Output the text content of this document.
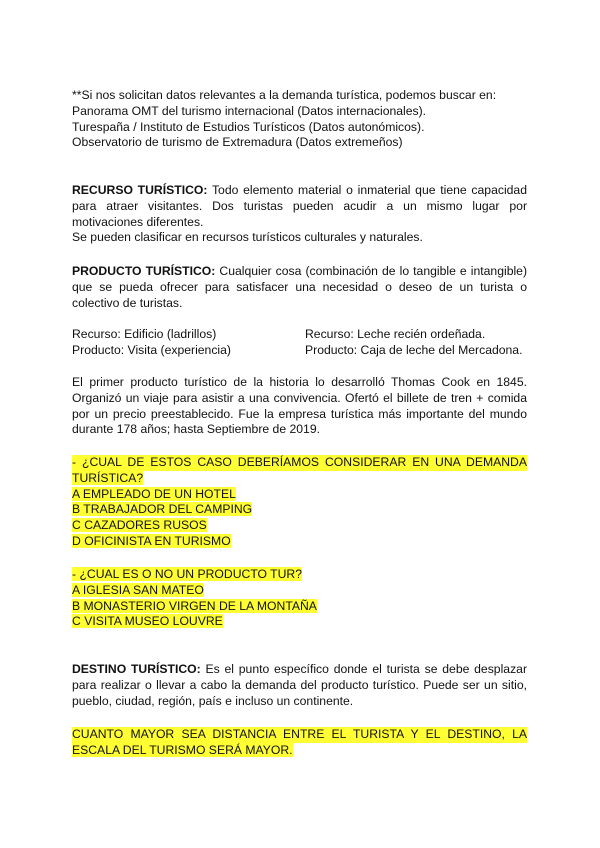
**Si nos solicitan datos relevantes a la demanda turística, podemos buscar en:

Panorama OMT del turismo internacional (Datos internacionales).

Turespaña / Instituto de Estudios Turísticos (Datos autonómicos).

Observatorio de turismo de Extremadura (Datos extremeños)

RECURSO TURÍSTICO: Todo elemento material o inmaterial que tiene capacidad para atraer visitantes. Dos turistas pueden acudir a un mismo lugar por motivaciones diferentes.

Se pueden clasificar en recursos turísticos culturales y naturales.

PRODUCTO TURÍSTICO: Cualquier cosa (combinación de lo tangible e intangible) que se pueda ofrecer para satisfacer una necesidad o deseo de un turista o colectivo de turistas.

Recurso: Edificio (ladrillos)	Recurso: Leche recién ordeñada.
Producto: Visita (experiencia)	Producto: Caja de leche del Mercadona.

El primer producto turístico de la historia lo desarrolló Thomas Cook en 1845. Organizó un viaje para asistir a una convivencia. Ofertó el billete de tren + comida por un precio preestablecido. Fue la empresa turística más importante del mundo durante 178 años; hasta Septiembre de 2019.

- ¿CUAL DE ESTOS CASO DEBERÍAMOS CONSIDERAR EN UNA DEMANDA

TURÍSTICA?

A EMPLEADO DE UN HOTEL

B TRABAJADOR DEL CAMPING

C CAZADORES RUSOS

D OFICINISTA EN TURISMO

- ¿CUAL ES O NO UN PRODUCTO TUR?

A IGLESIA SAN MATEO

B MONASTERIO VIRGEN DE LA MONTAÑA

C VISITA MUSEO LOUVRE

DESTINO TURÍSTICO: Es el punto específico donde el turista se debe desplazar para realizar o llevar a cabo la demanda del producto turístico. Puede ser un sitio, pueblo, ciudad, región, país e incluso un continente.

CUANTO MAYOR SEA DISTANCIA ENTRE EL TURISTA Y EL DESTINO, LA

ESCALA DEL TURISMO SERÁ MAYOR.
